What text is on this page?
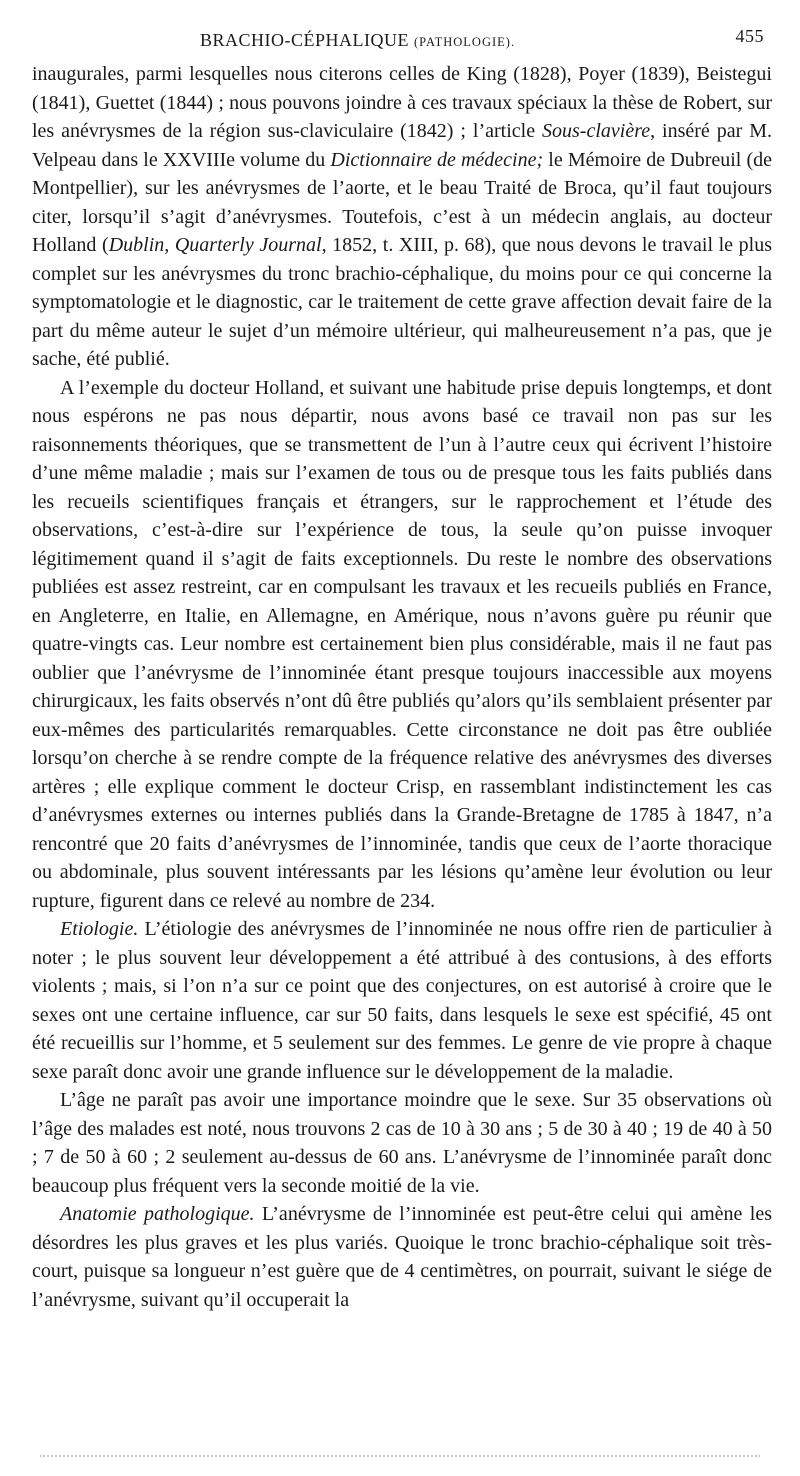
BRACHIO-CÉPHALIQUE (PATHOLOGIE).	455

inaugurales, parmi lesquelles nous citerons celles de King (1828), Poyer (1839), Beistegui (1841), Guettet (1844) ; nous pouvons joindre à ces travaux spéciaux la thèse de Robert, sur les anévrysmes de la région sus-claviculaire (1842) ; l’article Sous-clavière, inséré par M. Velpeau dans le XXVIIIe volume du Dictionnaire de médecine; le Mémoire de Dubreuil (de Montpellier), sur les anévrysmes de l’aorte, et le beau Traité de Broca, qu’il faut toujours citer, lorsqu’il s’agit d’anévrysmes. Toutefois, c’est à un médecin anglais, au docteur Holland (Dublin, Quarterly Journal, 1852, t. XIII, p. 68), que nous devons le travail le plus complet sur les anévrysmes du tronc brachio-céphalique, du moins pour ce qui concerne la symptomatologie et le diagnostic, car le traitement de cette grave affection devait faire de la part du même auteur le sujet d’un mémoire ultérieur, qui malheureusement n’a pas, que je sache, été publié.

A l’exemple du docteur Holland, et suivant une habitude prise depuis longtemps, et dont nous espérons ne pas nous départir, nous avons basé ce travail non pas sur les raisonnements théoriques, que se transmettent de l’un à l’autre ceux qui écrivent l’histoire d’une même maladie ; mais sur l’examen de tous ou de presque tous les faits publiés dans les recueils scientifiques français et étrangers, sur le rapprochement et l’étude des observations, c’est-à-dire sur l’expérience de tous, la seule qu’on puisse invoquer légitimement quand il s’agit de faits exceptionnels. Du reste le nombre des observations publiées est assez restreint, car en compulsant les travaux et les recueils publiés en France, en Angleterre, en Italie, en Allemagne, en Amérique, nous n’avons guère pu réunir que quatre-vingts cas. Leur nombre est certainement bien plus considérable, mais il ne faut pas oublier que l’anévrysme de l’innominée étant presque toujours inaccessible aux moyens chirurgicaux, les faits observés n’ont dû être publiés qu’alors qu’ils semblaient présenter par eux-mêmes des particularités remarquables. Cette circonstance ne doit pas être oubliée lorsqu’on cherche à se rendre compte de la fréquence relative des anévrysmes des diverses artères ; elle explique comment le docteur Crisp, en rassemblant indistinctement les cas d’anévrysmes externes ou internes publiés dans la Grande-Bretagne de 1785 à 1847, n’a rencontré que 20 faits d’anévrysmes de l’innominée, tandis que ceux de l’aorte thoracique ou abdominale, plus souvent intéressants par les lésions qu’amène leur évolution ou leur rupture, figurent dans ce relevé au nombre de 234.

Etiologie. L’étiologie des anévrysmes de l’innominée ne nous offre rien de particulier à noter ; le plus souvent leur développement a été attribué à des contusions, à des efforts violents ; mais, si l’on n’a sur ce point que des conjectures, on est autorisé à croire que le sexes ont une certaine influence, car sur 50 faits, dans lesquels le sexe est spécifié, 45 ont été recueillis sur l’homme, et 5 seulement sur des femmes. Le genre de vie propre à chaque sexe paraît donc avoir une grande influence sur le développement de la maladie.

L’âge ne paraît pas avoir une importance moindre que le sexe. Sur 35 observations où l’âge des malades est noté, nous trouvons 2 cas de 10 à 30 ans ; 5 de 30 à 40 ; 19 de 40 à 50 ; 7 de 50 à 60 ; 2 seulement au-dessus de 60 ans. L’anévrysme de l’innominée paraît donc beaucoup plus fréquent vers la seconde moitié de la vie.

Anatomie pathologique. L’anévrysme de l’innominée est peut-être celui qui amène les désordres les plus graves et les plus variés. Quoique le tronc brachio-céphalique soit très-court, puisque sa longueur n’est guère que de 4 centimètres, on pourrait, suivant le siége de l’anévrysme, suivant qu’il occuperait la
